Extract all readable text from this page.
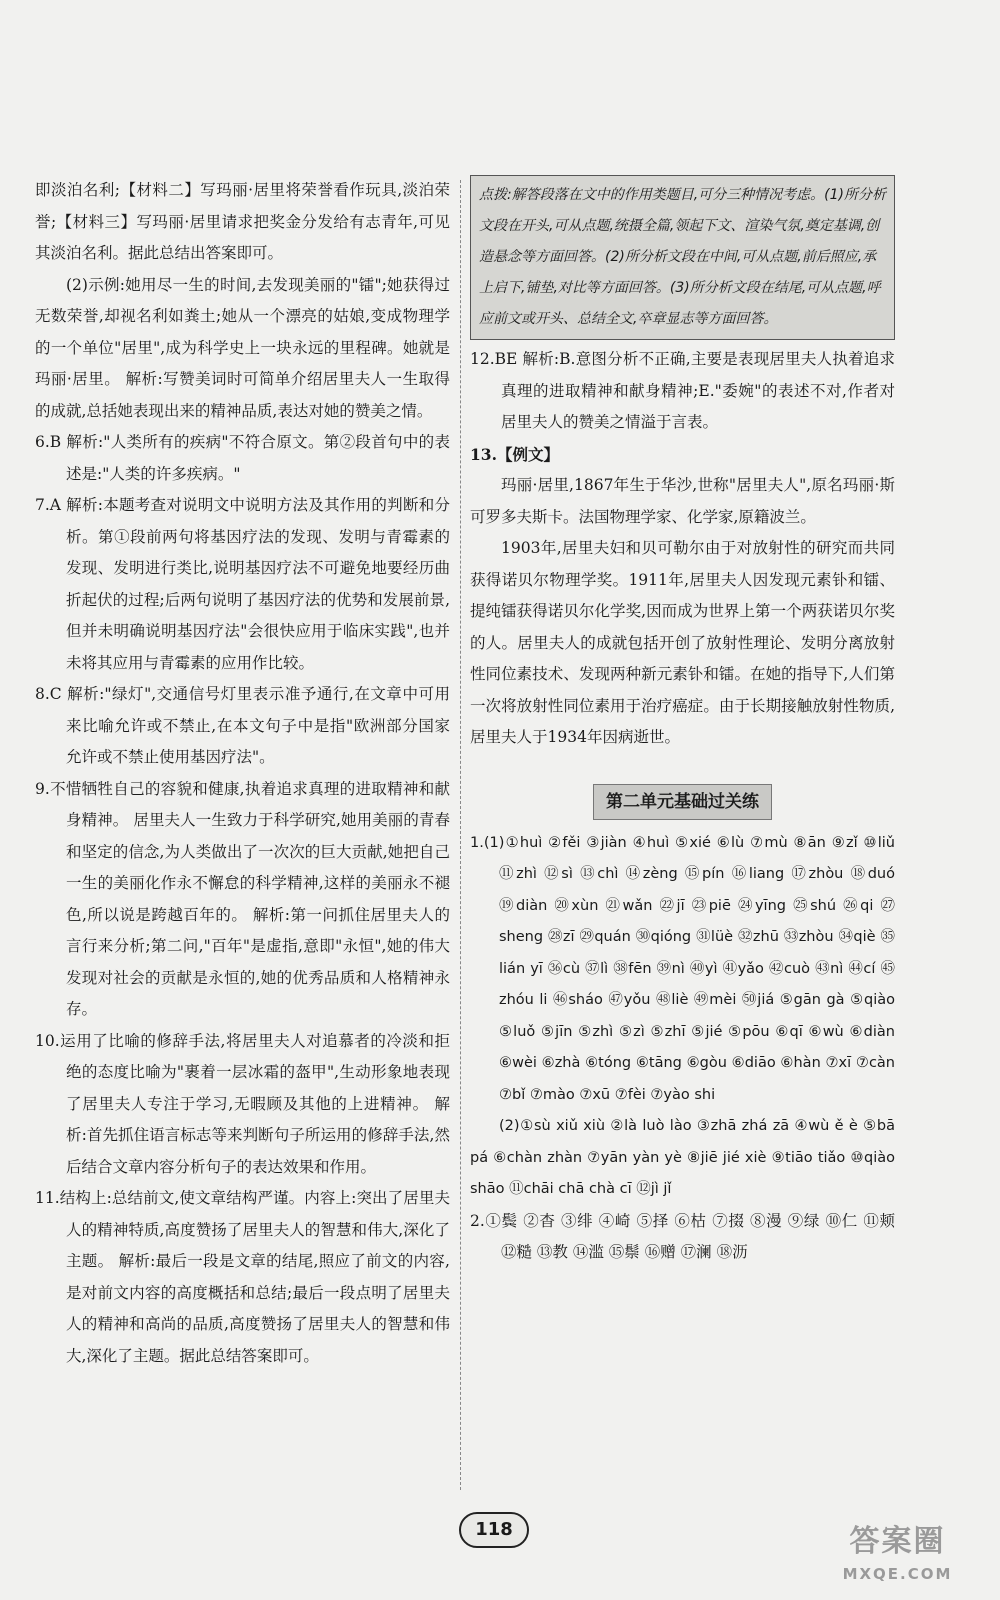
即淡泊名利;【材料二】写玛丽·居里将荣誉看作玩具,淡泊荣誉;【材料三】写玛丽·居里请求把奖金分发给有志青年,可见其淡泊名利。据此总结出答案即可。

(2)示例:她用尽一生的时间,去发现美丽的"镭";她获得过无数荣誉,却视名利如粪土;她从一个漂亮的姑娘,变成物理学的一个单位"居里",成为科学史上一块永远的里程碑。她就是玛丽·居里。 解析:写赞美词时可简单介绍居里夫人一生取得的成就,总括她表现出来的精神品质,表达对她的赞美之情。

6.B 解析:"人类所有的疾病"不符合原文。第②段首句中的表述是:"人类的许多疾病。"

7.A 解析:本题考查对说明文中说明方法及其作用的判断和分析。第①段前两句将基因疗法的发现、发明与青霉素的发现、发明进行类比,说明基因疗法不可避免地要经历曲折起伏的过程;后两句说明了基因疗法的优势和发展前景,但并未明确说明基因疗法"会很快应用于临床实践",也并未将其应用与青霉素的应用作比较。

8.C 解析:"绿灯",交通信号灯里表示准予通行,在文章中可用来比喻允许或不禁止,在本文句子中是指"欧洲部分国家允许或不禁止使用基因疗法"。

9.不惜牺牲自己的容貌和健康,执着追求真理的进取精神和献身精神。 居里夫人一生致力于科学研究,她用美丽的青春和坚定的信念,为人类做出了一次次的巨大贡献,她把自己一生的美丽化作永不懈怠的科学精神,这样的美丽永不褪色,所以说是跨越百年的。 解析:第一问抓住居里夫人的言行来分析;第二问,"百年"是虚指,意即"永恒",她的伟大发现对社会的贡献是永恒的,她的优秀品质和人格精神永存。

10.运用了比喻的修辞手法,将居里夫人对追慕者的冷淡和拒绝的态度比喻为"裹着一层冰霜的盔甲",生动形象地表现了居里夫人专注于学习,无暇顾及其他的上进精神。 解析:首先抓住语言标志等来判断句子所运用的修辞手法,然后结合文章内容分析句子的表达效果和作用。

11.结构上:总结前文,使文章结构严谨。内容上:突出了居里夫人的精神特质,高度赞扬了居里夫人的智慧和伟大,深化了主题。 解析:最后一段是文章的结尾,照应了前文的内容,是对前文内容的高度概括和总结;最后一段点明了居里夫人的精神和高尚的品质,高度赞扬了居里夫人的智慧和伟大,深化了主题。据此总结答案即可。

点拨:解答段落在文中的作用类题目,可分三种情况考虑。(1)所分析文段在开头,可从点题,统摄全篇,领起下文、渲染气氛,奠定基调,创造悬念等方面回答。(2)所分析文段在中间,可从点题,前后照应,承上启下,铺垫,对比等方面回答。(3)所分析文段在结尾,可从点题,呼应前文或开头、总结全文,卒章显志等方面回答。

12.BE 解析:B.意图分析不正确,主要是表现居里夫人执着追求真理的进取精神和献身精神;E."委婉"的表述不对,作者对居里夫人的赞美之情溢于言表。

13.【例文】

玛丽·居里,1867年生于华沙,世称"居里夫人",原名玛丽·斯可罗多夫斯卡。法国物理学家、化学家,原籍波兰。

1903年,居里夫妇和贝可勒尔由于对放射性的研究而共同获得诺贝尔物理学奖。1911年,居里夫人因发现元素钋和镭、提纯镭获得诺贝尔化学奖,因而成为世界上第一个两获诺贝尔奖的人。居里夫人的成就包括开创了放射性理论、发明分离放射性同位素技术、发现两种新元素钋和镭。在她的指导下,人们第一次将放射性同位素用于治疗癌症。由于长期接触放射性物质,居里夫人于1934年因病逝世。

第二单元基础过关练

1.(1)①huì ②fěi ③jiàn ④huì ⑤xié ⑥lù ⑦mù ⑧ān ⑨zǐ ⑩liǔ ⑪zhì ⑫sì ⑬chì ⑭zèng ⑮pín ⑯liang ⑰zhòu ⑱duó ⑲diàn ⑳xùn ㉑wǎn ㉒jī ㉓piē ㉔yīng ㉕shú ㉖qi ㉗sheng ㉘zī ㉙quán ㉚qióng ㉛lüè ㉜zhū ㉝zhòu ㉞qiè ㉟lián yī ㊱cù ㊲lì ㊳fēn ㊴nì ㊵yì ㊶yǎo ㊷cuò ㊸nì ㊹cí ㊺zhóu li ㊻sháo ㊼yǒu ㊽liè ㊾mèi ㊿jiá ⑤gān gà ⑤qiào ⑤luǒ ⑤jīn ⑤zhì ⑤zì ⑤zhī ⑤jié ⑤pōu ⑥qī ⑥wù ⑥diàn ⑥wèi ⑥zhà ⑥tóng ⑥tāng ⑥gòu ⑥diāo ⑥hàn ⑦xī ⑦càn ⑦bǐ ⑦mào ⑦xū ⑦fèi ⑦yào shi

(2)①sù xiǔ xiù ②là luò lào ③zhā zhá zā ④wù ě è ⑤bā pá ⑥chàn zhàn ⑦yān yàn yè ⑧jiē jié xiè ⑨tiāo tiǎo ⑩qiào shāo ⑪chāi chā chà cī ⑫jì jǐ

2.①鬓 ②杳 ③绯 ④崎 ⑤择 ⑥枯 ⑦掇 ⑧漫 ⑨绿 ⑩仁 ⑪颊 ⑫糙 ⑬教 ⑭滥 ⑮鬃 ⑯赠 ⑰澜 ⑱沥

118	答案圈
MXQE.COM
